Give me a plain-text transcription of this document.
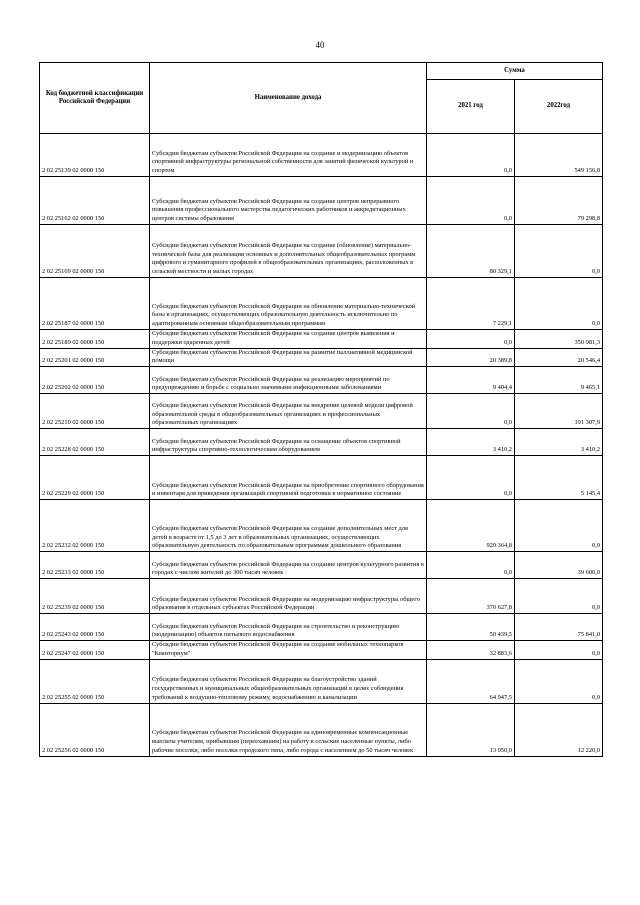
40
Код бюджетной классификации Российской Федерации	Наименование дохода	Сумма	
		2021 год	2022год
2 02 25139 02 0000 150	Субсидии бюджетам субъектов Российской Федерации на создание и модернизацию объектов спортивной инфраструктуры региональной собственности для занятий физической культурой и спортом	0,0	549 156,8
2 02 25162 02 0000 150	Субсидии бюджетам субъектов Российской Федерации на создание центров непрерывного повышения профессионального мастерства педагогических работников и аккредитационных центров системы образования	0,0	79 298,8
2 02 25169 02 0000 150	Субсидии бюджетам субъектов Российской Федерации на создание (обновление) материально-технической базы для реализации основных и дополнительных общеобразовательных программ цифрового и гуманитарного профилей в общеобразовательных организациях, расположенных в сельской местности и малых городах	80 329,1	0,0
2 02 25187 02 0000 150	Субсидии бюджетам субъектов Российской Федерации на обновление материально-технической базы в организациях, осуществляющих образовательную деятельность исключительно по адаптированным основным общеобразовательным программам	7 229,1	0,0
2 02 25189 02 0000 150	Субсидии бюджетам субъектов Российской Федерации на создание центров выявления и поддержки одаренных детей	0,0	350 981,3
2 02 25201 02 0000 150	Субсидии бюджетам субъектов Российской Федерации на развитие паллиативной медицинской помощи	20 389,8	20 546,4
2 02 25202 02 0000 150	Субсидии бюджетам субъектов Российской Федерации на реализацию мероприятий по предупреждению и борьбе с социально значимыми инфекционными заболеваниями	9 404,4	9 465,1
2 02 25210 02 0000 150	Субсидии бюджетам субъектов Российской Федерации на внедрение целевой модели цифровой образовательной среды в общеобразовательных организациях и профессиональных образовательных организациях	0,0	191 307,9
2 02 25228 02 0000 150	Субсидии бюджетам субъектов Российской Федерации на оснащение объектов спортивной инфраструктуры спортивно-технологическим оборудованием	3 410,2	3 410,2
2 02 25229 02 0000 150	Субсидии бюджетам субъектов Российской Федерации на приобретение спортивного оборудования и инвентаря для приведения организаций спортивной подготовки в нормативное состояние	0,0	5 145,4
2 02 25232 02 0000 150	Субсидии бюджетам субъектов Российской Федерации на создание дополнительных мест для детей в возрасте от 1,5 до 3 лет в образовательных организациях, осуществляющих образовательную деятельность по образовательным программам дошкольного образования	920 364,8	0,0
2 02 25233 02 0000 150	Субсидии бюджетам субъектов российской Федерации на создание центров культурного развития в городах с числом жителей до 300 тысяч человек	0,0	39 600,0
2 02 25239 02 0000 150	Субсидии бюджетам субъектов Российской Федерации на модернизацию инфраструктуры общего образования в отдельных субъектах Российской Федерации	370 627,8	0,0
2 02 25243 02 0000 150	Субсидии бюджетам субъектов Российской Федерации на строительство и реконструкцию (модернизацию) объектов питьевого водоснабжения	50 439,5	75 841,0
2 02 25247 02 0000 150	Субсидии бюджетам субъектов Российской Федерации на создание мобильных технопарков "Кванториум"	32 883,6	0,0
2 02 25255 02 0000 150	Субсидии бюджетам субъектов Российской Федерации на благоустройство зданий государственных и муниципальных общеобразовательных организаций в целях соблюдения требований к воздушно-тепловому режиму, водоснабжению и канализации	64 947,5	0,0
2 02 25256 02 0000 150	Субсидии бюджетам субъектов Российской Федерации на единовременные компенсационные выплаты учителям, прибывшим (переехавшим) на работу в сельские населенные пункты, либо рабочие поселки, либо поселки городского типа, либо города с населением до 50 тысяч человек	13 950,0	12 220,0
